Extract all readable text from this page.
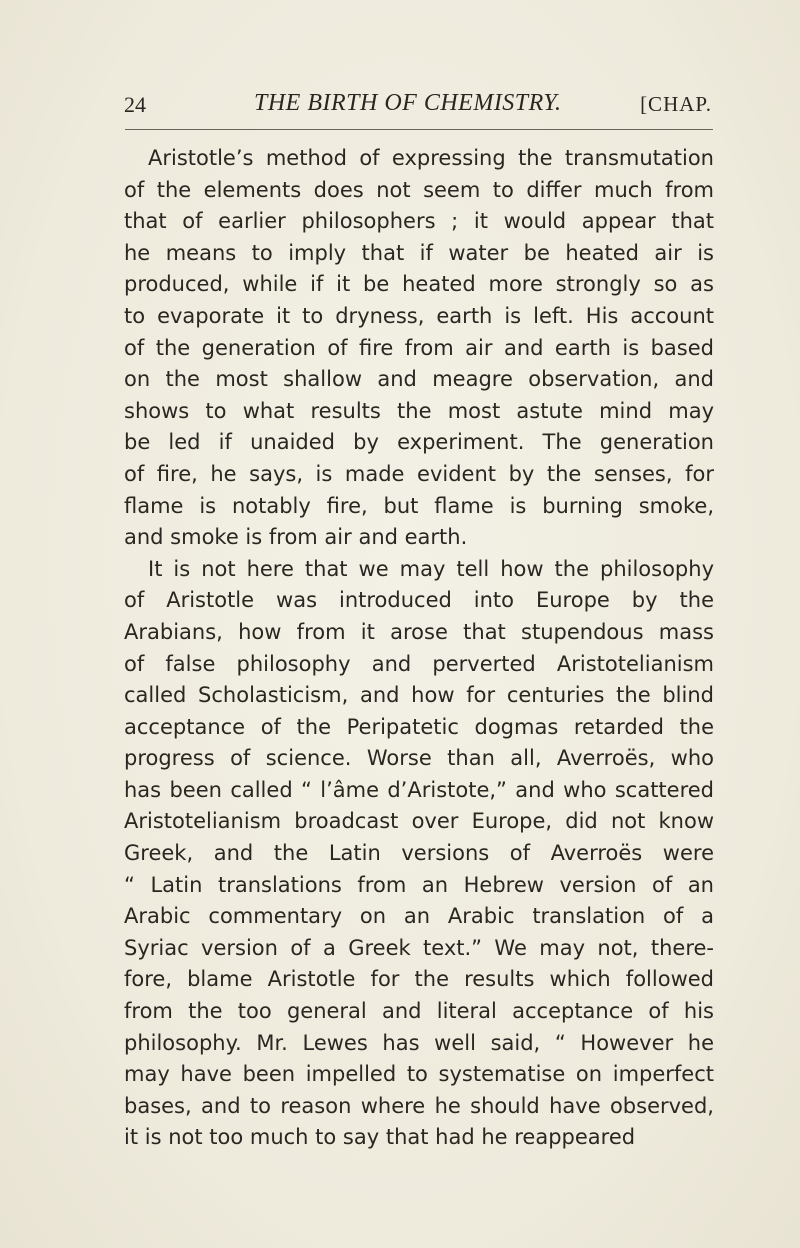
24	THE BIRTH OF CHEMISTRY.	[CHAP.
Aristotle’s method of expressing the transmutation
of the elements does not seem to differ much from
that of earlier philosophers ; it would appear that
he means to imply that if water be heated air is
produced, while if it be heated more strongly so as
to evaporate it to dryness, earth is left. His account
of the generation of fire from air and earth is based
on the most shallow and meagre observation, and
shows to what results the most astute mind may
be led if unaided by experiment. The generation
of fire, he says, is made evident by the senses, for
flame is notably fire, but flame is burning smoke,
and smoke is from air and earth.
It is not here that we may tell how the philosophy
of Aristotle was introduced into Europe by the
Arabians, how from it arose that stupendous mass
of false philosophy and perverted Aristotelianism
called Scholasticism, and how for centuries the blind
acceptance of the Peripatetic dogmas retarded the
progress of science. Worse than all, Averroës, who
has been called “ l’âme d’Aristote,” and who scattered
Aristotelianism broadcast over Europe, did not know
Greek, and the Latin versions of Averroës were
“ Latin translations from an Hebrew version of an
Arabic commentary on an Arabic translation of a
Syriac version of a Greek text.” We may not, there-
fore, blame Aristotle for the results which followed
from the too general and literal acceptance of his
philosophy. Mr. Lewes has well said, “ However he
may have been impelled to systematise on imperfect
bases, and to reason where he should have observed,
it is not too much to say that had he reappeared
